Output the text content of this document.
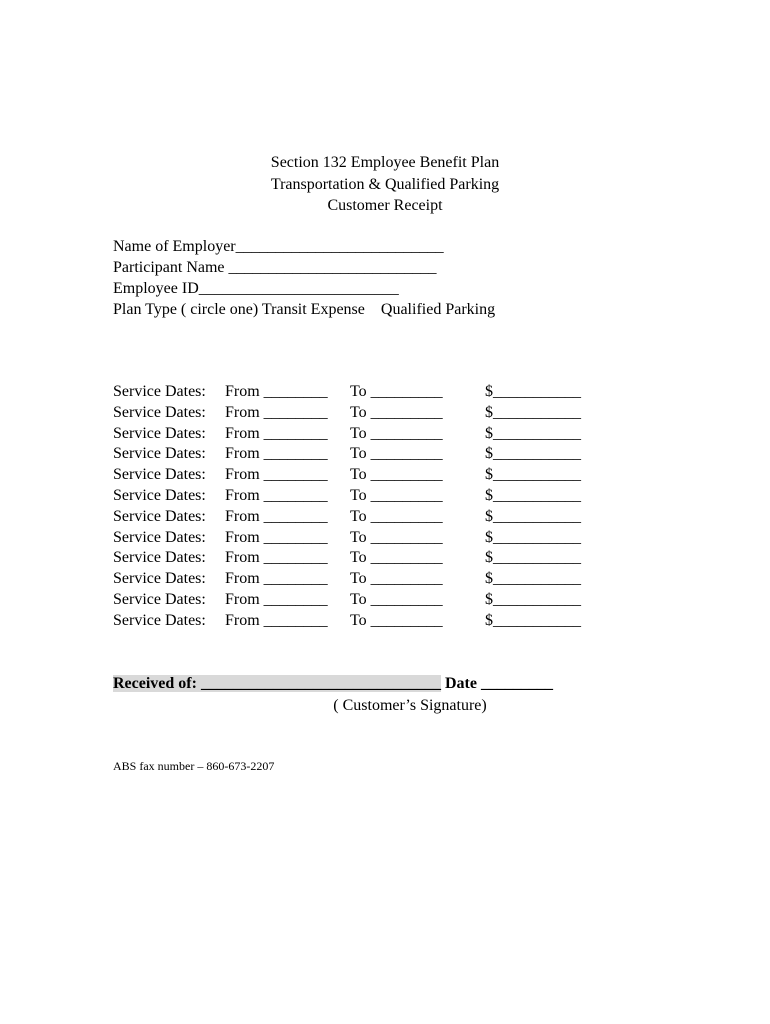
Section 132 Employee Benefit Plan
Transportation & Qualified Parking
Customer Receipt
Name of Employer__________________________
Participant Name __________________________
Employee ID_________________________
Plan Type ( circle one) Transit Expense Qualified Parking
Service Dates: From ________ To _________	$___________
Service Dates: From ________ To _________	$___________
Service Dates: From ________ To _________	$___________
Service Dates: From ________ To _________	$___________
Service Dates: From ________ To _________	$___________
Service Dates: From ________ To _________	$___________
Service Dates: From ________ To _________	$___________
Service Dates: From ________ To _________	$___________
Service Dates: From ________ To _________	$___________
Service Dates: From ________ To _________	$___________
Service Dates: From ________ To _________	$___________
Service Dates: From ________ To _________	$___________
Received of: ______________________________ Date _________
( Customer’s Signature)
ABS fax number – 860-673-2207
